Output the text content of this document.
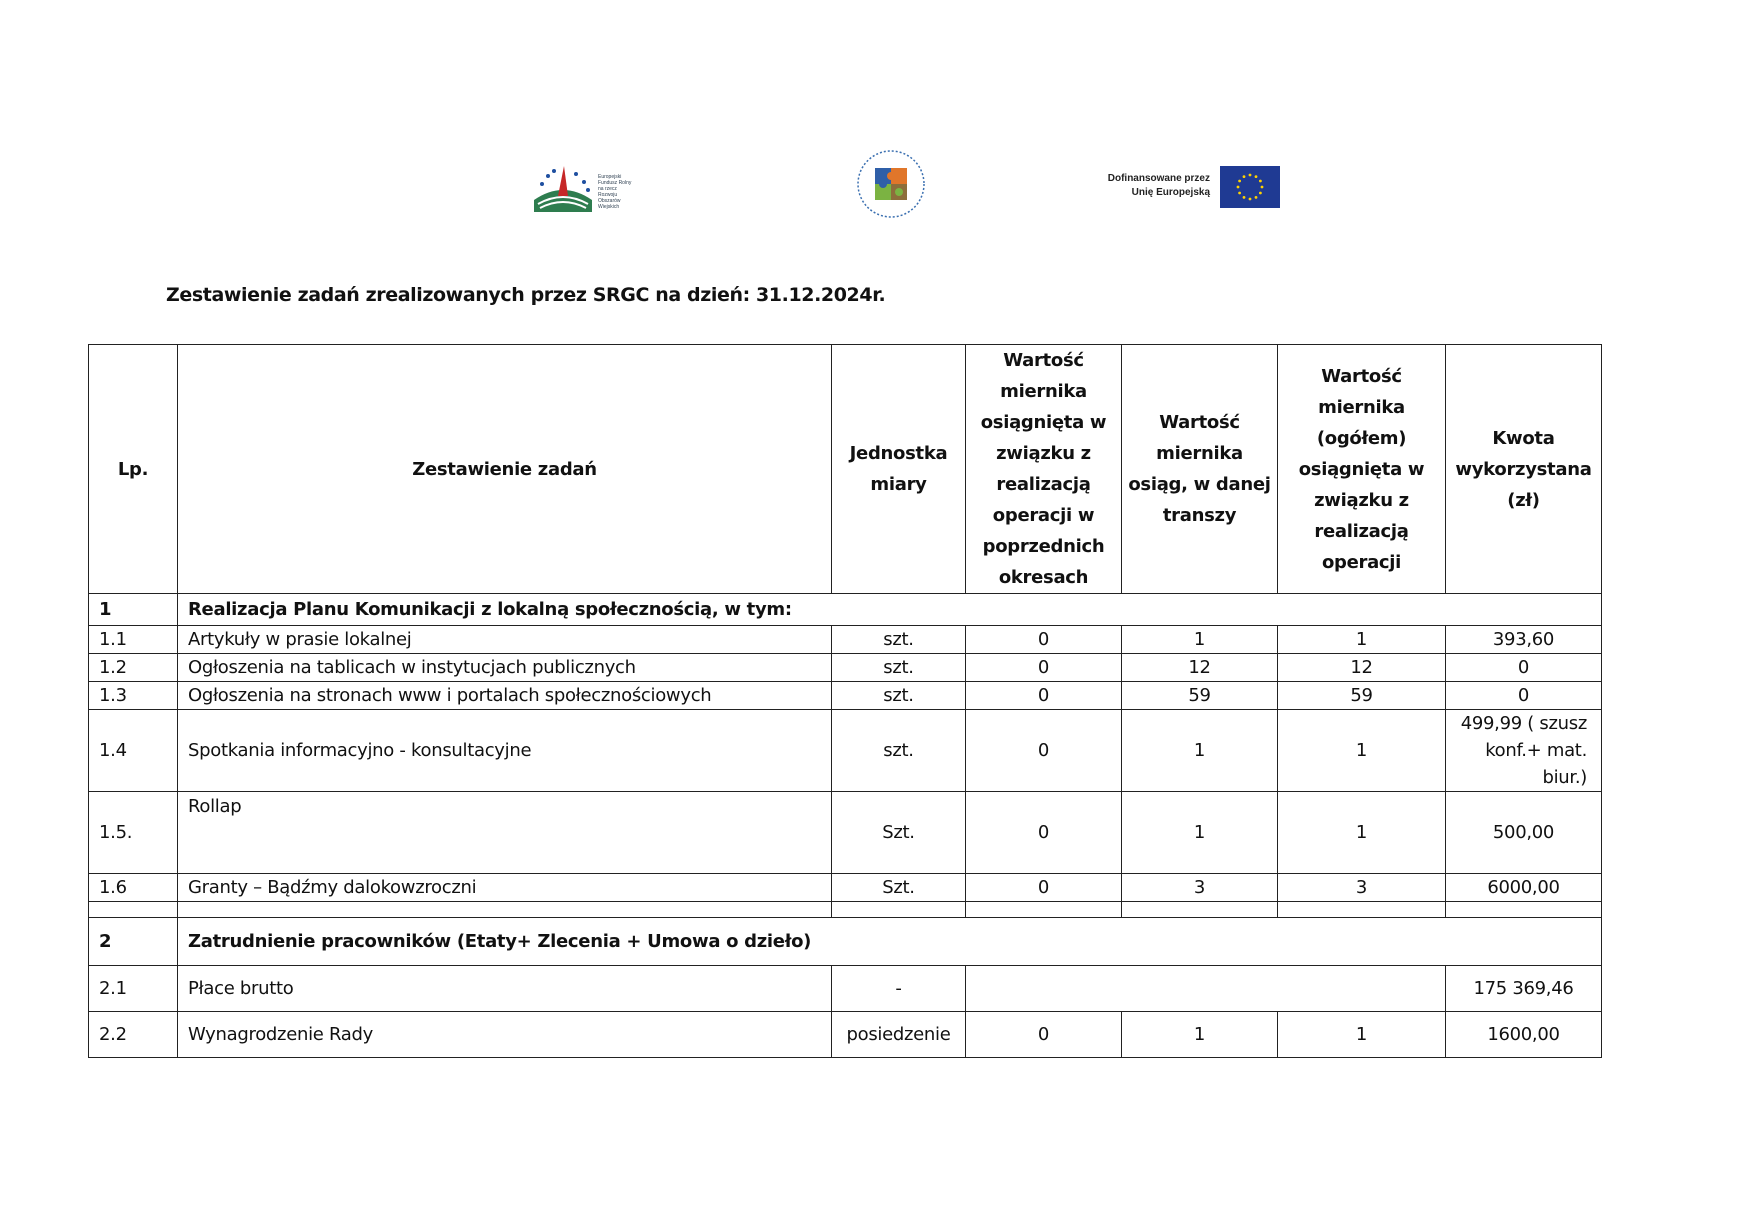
Europejski
Fundusz Rolny
na rzecz
Rozwoju
Obszarów Wiejskich
Dofinansowane przez
Unię Europejską
Zestawienie zadań zrealizowanych przez SRGC na dzień: 31.12.2024r.
Lp.	Zestawienie zadań	Jednostka miary	Wartość miernika osiągnięta w związku z realizacją operacji w poprzednich okresach	Wartość miernika osiąg, w danej transzy	Wartość miernika (ogółem) osiągnięta w związku z realizacją operacji	Kwota wykorzystana (zł)
1	Realizacja Planu Komunikacji z lokalną społecznością, w tym:					
1.1	Artykuły w prasie lokalnej	szt.	0	1	1	393,60
1.2	Ogłoszenia na tablicach w instytucjach publicznych	szt.	0	12	12	0
1.3	Ogłoszenia na stronach www i portalach społecznościowych	szt.	0	59	59	0
1.4	Spotkania informacyjno - konsultacyjne	szt.	0	1	1	499,99 ( szusz konf.+ mat. biur.)
1.5.	Rollap	Szt.	0	1	1	500,00
1.6	Granty – Bądźmy dalokowzroczni	Szt.	0	3	3	6000,00

2	Zatrudnienie pracowników (Etaty+ Zlecenia + Umowa o dzieło)					
2.1	Płace brutto	-				175 369,46
2.2	Wynagrodzenie Rady	posiedzenie	0	1	1	1600,00
